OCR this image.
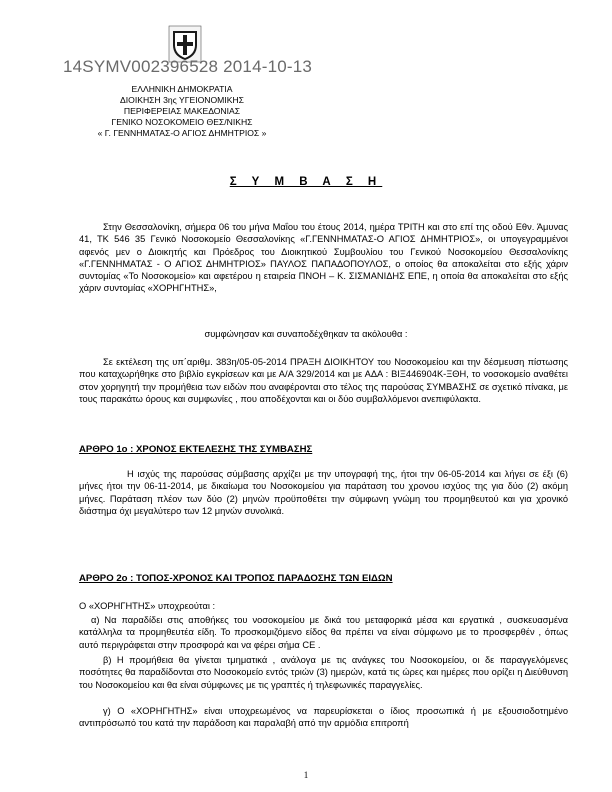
14SYMV002396528 2014-10-13
ΕΛΛΗΝΙΚΗ ΔΗΜΟΚΡΑΤΙΑ
ΔΙΟΙΚΗΣΗ 3ης ΥΓΕΙΟΝΟΜΙΚΗΣ
ΠΕΡΙΦΕΡΕΙΑΣ ΜΑΚΕΔΟΝΙΑΣ
ΓΕΝΙΚΟ ΝΟΣΟΚΟΜΕΙΟ ΘΕΣ/ΝΙΚΗΣ
« Γ. ΓΕΝΝΗΜΑΤΑΣ-Ο ΑΓΙΟΣ ΔΗΜΗΤΡΙΟΣ »
Σ Υ Μ Β Α Σ Η
Στην Θεσσαλονίκη, σήμερα 06 του μήνα Μαΐου του έτους 2014, ημέρα ΤΡΙΤΗ και στο επί της οδού Εθν. Άμυνας 41, ΤΚ 546 35 Γενικό Νοσοκομείο Θεσσαλονίκης «Γ.ΓΕΝΝΗΜΑΤΑΣ-Ο ΑΓΙΟΣ ΔΗΜΗΤΡΙΟΣ», οι υπογεγραμμένοι αφενός μεν ο Διοικητής και Πρόεδρος του Διοικητικού Συμβουλίου του Γενικού Νοσοκομείου Θεσσαλονίκης «Γ.ΓΕΝΝΗΜΑΤΑΣ - Ο ΑΓΙΟΣ ΔΗΜΗΤΡΙΟΣ» ΠΑΥΛΟΣ ΠΑΠΑΔΟΠΟΥΛΟΣ, ο οποίος θα αποκαλείται στο εξής χάριν συντομίας «Το Νοσοκομείο» και αφετέρου η εταιρεία ΠΝΟΗ – Κ. ΣΙΣΜΑΝΙΔΗΣ ΕΠΕ, η οποία θα αποκαλείται στο εξής χάριν συντομίας «ΧΟΡΗΓΗΤΗΣ»,
συμφώνησαν και συναποδέχθηκαν τα ακόλουθα :
Σε εκτέλεση της υπ΄αριθμ. 383η/05-05-2014 ΠΡΑΞΗ ΔΙΟΙΚΗΤΟΥ του Νοσοκομείου και την δέσμευση πίστωσης που καταχωρήθηκε στο βιβλίο εγκρίσεων και με Α/Α 329/2014 και με ΑΔΑ : ΒΙΞ446904Κ-ΞΘΗ, το νοσοκομείο αναθέτει στον χορηγητή την προμήθεια των ειδών που αναφέρονται στο τέλος της παρούσας ΣΥΜΒΑΣΗΣ σε σχετικό πίνακα, με τους παρακάτω όρους και συμφωνίες , που αποδέχονται και οι δύο συμβαλλόμενοι ανεπιφύλακτα.
ΑΡΘΡΟ 1ο : ΧΡΟΝΟΣ ΕΚΤΕΛΕΣΗΣ ΤΗΣ ΣΥΜΒΑΣΗΣ
Η ισχύς της παρούσας σύμβασης αρχίζει με την υπογραφή της, ήτοι την 06-05-2014 και λήγει σε έξι (6) μήνες ήτοι την 06-11-2014, με δικαίωμα του Νοσοκομείου για παράταση του χρονου ισχύος της για δύο (2) ακόμη μήνες. Παράταση πλέον των δύο (2) μηνών προϋποθέτει την σύμφωνη γνώμη του προμηθευτού και για χρονικό διάστημα όχι μεγαλύτερο των 12 μηνών συνολικά.
ΑΡΘΡΟ 2ο : ΤΟΠΟΣ-ΧΡΟΝΟΣ ΚΑΙ ΤΡΟΠΟΣ ΠΑΡΑΔΟΣΗΣ ΤΩΝ ΕΙΔΩΝ
Ο «ΧΟΡΗΓΗΤΗΣ» υποχρεούται :
α) Να παραδίδει στις αποθήκες του νοσοκομείου με δικά του μεταφορικά μέσα και εργατικά , συσκευασμένα κατάλληλα τα προμηθευτέα είδη. Το προσκομιζόμενο είδος θα πρέπει να είναι σύμφωνο με το προσφερθέν , όπως αυτό περιγράφεται στην προσφορά και να φέρει σήμα CE .
β) Η προμήθεια θα γίνεται τμηματικά , ανάλογα με τις ανάγκες του Νοσοκομείου, οι δε παραγγελόμενες ποσότητες θα παραδίδονται στο Νοσοκομείο εντός τριών (3) ημερών, κατά τις ώρες και ημέρες που ορίζει η Διεύθυνση του Νοσοκομείου και θα είναι σύμφωνες με τις γραπτές ή τηλεφωνικές παραγγελίες.
γ) Ο «ΧΟΡΗΓΗΤΗΣ» είναι υποχρεωμένος να παρευρίσκεται ο ίδιος προσωπικά ή με εξουσιοδοτημένο αντιπρόσωπό του κατά την παράδοση και παραλαβή από την αρμόδια επιτροπή
1
